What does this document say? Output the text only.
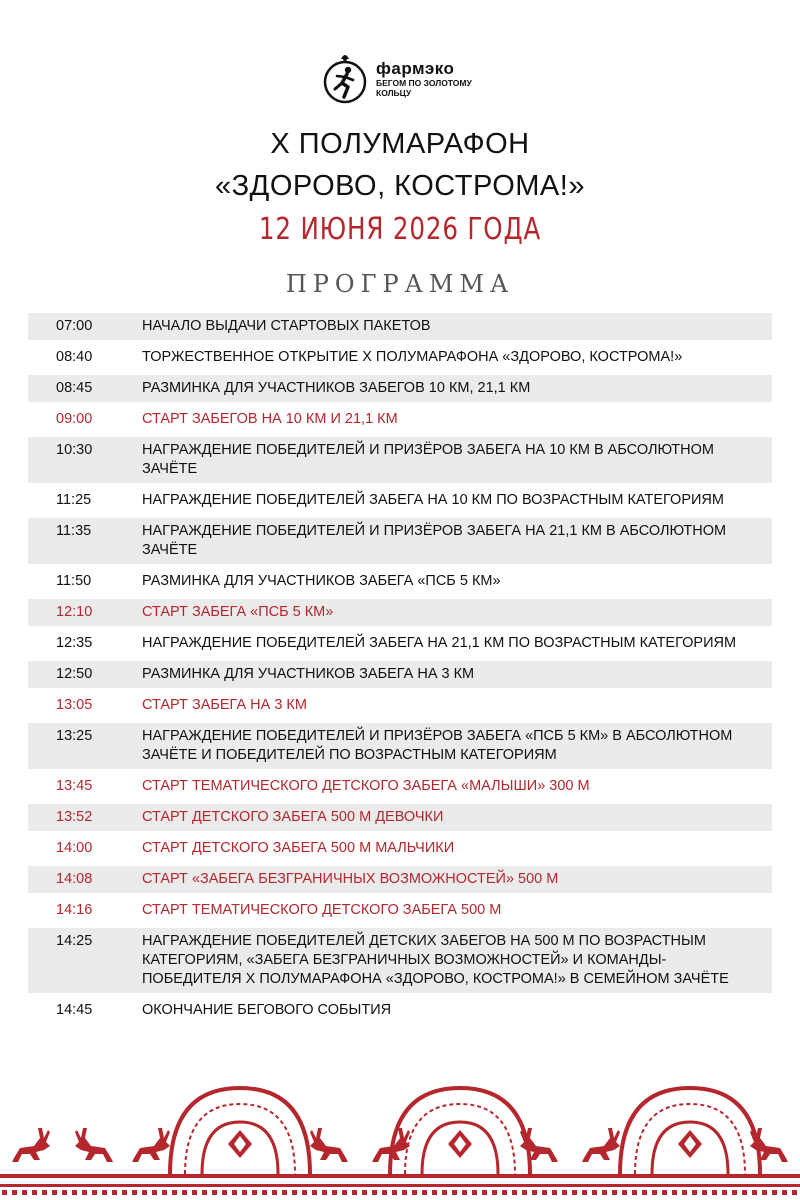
фармэко
БЕГОМ ПО ЗОЛОТОМУ КОЛЬЦУ
X ПОЛУМАРАФОН
«ЗДОРОВО, КОСТРОМА!»
12 ИЮНЯ 2026 ГОДА
ПРОГРАММА
07:00	НАЧАЛО ВЫДАЧИ СТАРТОВЫХ ПАКЕТОВ
08:40	ТОРЖЕСТВЕННОЕ ОТКРЫТИЕ X ПОЛУМАРАФОНА «ЗДОРОВО, КОСТРОМА!»
08:45	РАЗМИНКА ДЛЯ УЧАСТНИКОВ ЗАБЕГОВ 10 КМ, 21,1 КМ
09:00	СТАРТ ЗАБЕГОВ НА 10 КМ И 21,1 КМ
10:30	НАГРАЖДЕНИЕ ПОБЕДИТЕЛЕЙ И ПРИЗЁРОВ ЗАБЕГА НА 10 КМ В АБСОЛЮТНОМ ЗАЧЁТЕ
11:25	НАГРАЖДЕНИЕ ПОБЕДИТЕЛЕЙ ЗАБЕГА НА 10 КМ ПО ВОЗРАСТНЫМ КАТЕГОРИЯМ
11:35	НАГРАЖДЕНИЕ ПОБЕДИТЕЛЕЙ И ПРИЗЁРОВ ЗАБЕГА НА 21,1 КМ В АБСОЛЮТНОМ ЗАЧЁТЕ
11:50	РАЗМИНКА ДЛЯ УЧАСТНИКОВ ЗАБЕГА «ПСБ 5 КМ»
12:10	СТАРТ ЗАБЕГА «ПСБ 5 КМ»
12:35	НАГРАЖДЕНИЕ ПОБЕДИТЕЛЕЙ ЗАБЕГА НА 21,1 КМ ПО ВОЗРАСТНЫМ КАТЕГОРИЯМ
12:50	РАЗМИНКА ДЛЯ УЧАСТНИКОВ ЗАБЕГА НА 3 КМ
13:05	СТАРТ ЗАБЕГА НА 3 КМ
13:25	НАГРАЖДЕНИЕ ПОБЕДИТЕЛЕЙ И ПРИЗЁРОВ ЗАБЕГА «ПСБ 5 КМ» В АБСОЛЮТНОМ ЗАЧЁТЕ И ПОБЕДИТЕЛЕЙ ПО ВОЗРАСТНЫМ КАТЕГОРИЯМ
13:45	СТАРТ ТЕМАТИЧЕСКОГО ДЕТСКОГО ЗАБЕГА «МАЛЫШИ» 300 М
13:52	СТАРТ ДЕТСКОГО ЗАБЕГА 500 М ДЕВОЧКИ
14:00	СТАРТ ДЕТСКОГО ЗАБЕГА 500 М МАЛЬЧИКИ
14:08	СТАРТ «ЗАБЕГА БЕЗГРАНИЧНЫХ ВОЗМОЖНОСТЕЙ» 500 М
14:16	СТАРТ ТЕМАТИЧЕСКОГО ДЕТСКОГО ЗАБЕГА 500 М
14:25	НАГРАЖДЕНИЕ ПОБЕДИТЕЛЕЙ ДЕТСКИХ ЗАБЕГОВ НА 500 М ПО ВОЗРАСТНЫМ КАТЕГОРИЯМ, «ЗАБЕГА БЕЗГРАНИЧНЫХ ВОЗМОЖНОСТЕЙ» И КОМАНДЫ-ПОБЕДИТЕЛЯ X ПОЛУМАРАФОНА «ЗДОРОВО, КОСТРОМА!» В СЕМЕЙНОМ ЗАЧЁТЕ
14:45	ОКОНЧАНИЕ БЕГОВОГО СОБЫТИЯ
